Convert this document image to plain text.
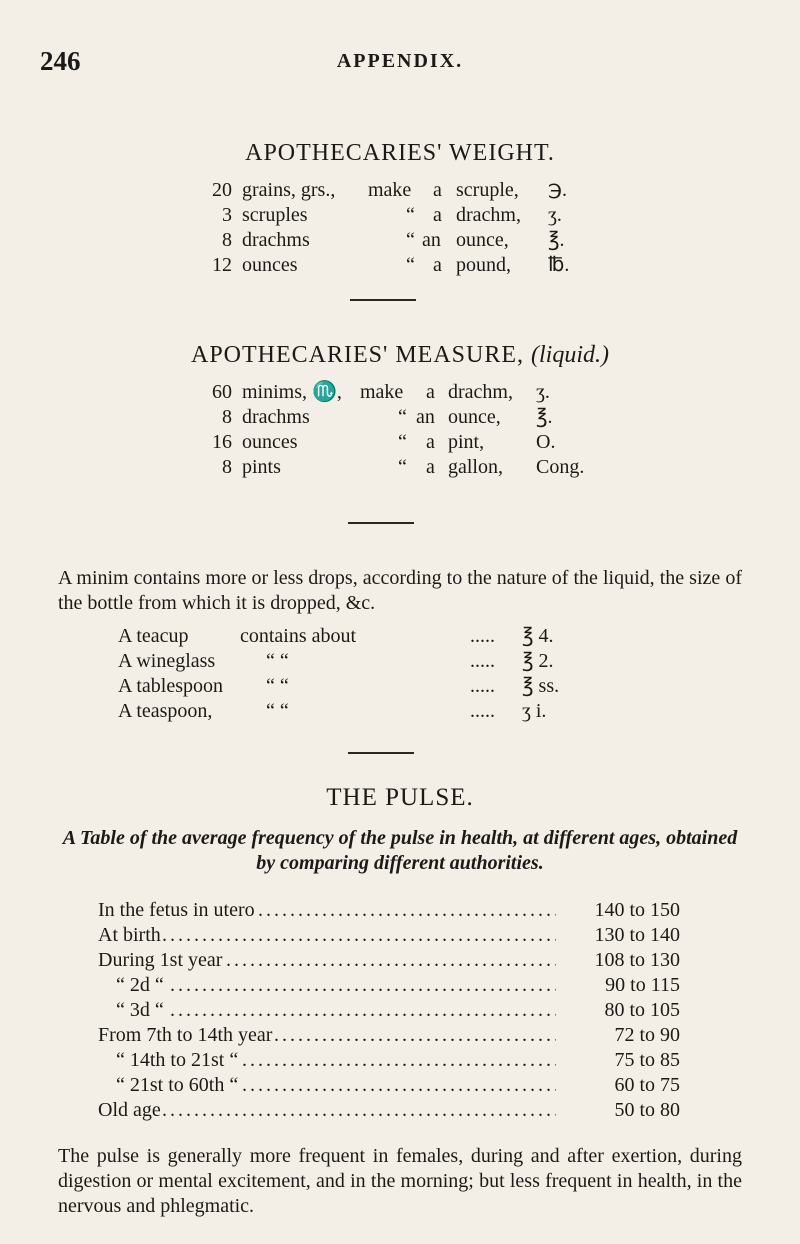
246	APPENDIX.
APOTHECARIES' WEIGHT.
20 grains, grs., make a scruple, ℈.
3 scruples	“ a drachm, ʒ.
8 drachms	“ an ounce, ℥.
12 ounces	“ a pound, ℔.
APOTHECARIES' MEASURE, (liquid.)
60 minims, ♏, make a drachm, ʒ.
8 drachms	“ an ounce, ℥.
16 ounces	“ a pint,	O.
8 pints	“ a gallon, Cong.
A minim contains more or less drops, according to the nature of the liquid, the size of the bottle from which it is dropped, &c.
A teacup	contains about	..... ℥ 4.
A wineglass	“ “	..... ℥ 2.
A tablespoon “ “	..... ℥ ss.
A teaspoon,	“ “	..... ʒ i.
THE PULSE.
A Table of the average frequency of the pulse in health, at different ages, obtained by comparing different authorities.
. . .
In the fetus in utero	140 to 150
. . .
At birth	130 to 140
. . .
During 1st year	108 to 130
. . .
“ 2d “	90 to 115
. . .
“ 3d “	80 to 105
. . .
From 7th to 14th year	72 to 90
. . .
“ 14th to 21st “	75 to 85
. . .
“ 21st to 60th “	60 to 75
. . .
Old age	50 to 80
The pulse is generally more frequent in females, during and after exertion, during digestion or mental excitement, and in the morning; but less frequent in health, in the nervous and phlegmatic.
